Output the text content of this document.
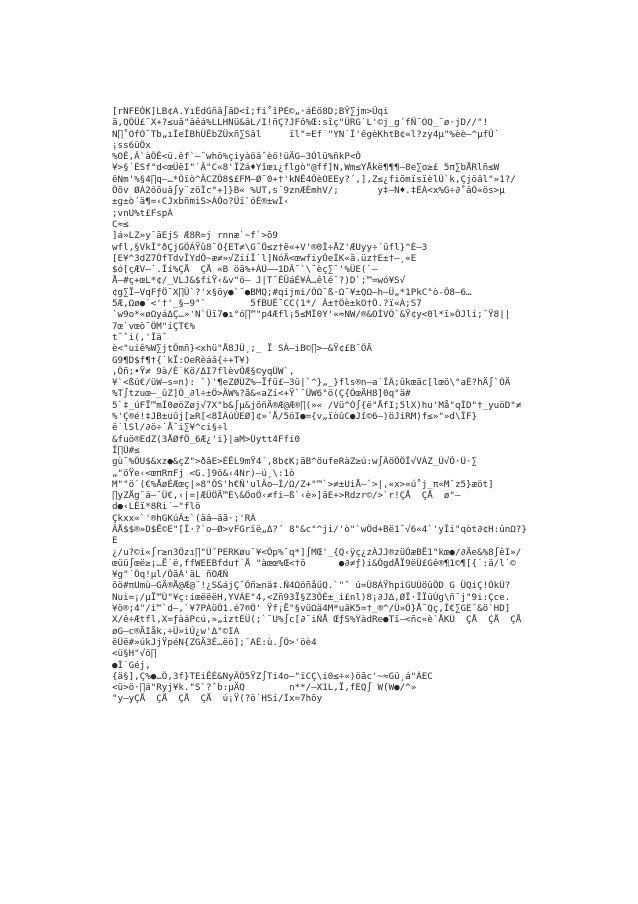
[rNFEÒK]LB¢A.YıÈdGñâ∫ãD<î;fi˚îPÈ©„·áÈö8D;BŸ∑jm>Ûqi
ã,QÕÜ£¨X+?≤uâ"âêá%LLHNü&âL/I!ñÇ?JFô%Œ:sîç"ÜRG˙L'©j_g´fÑ˘OQ_˜ø·jD//"!
N∏˚OfÓ˘Tb„ıÎeÎBhÜÊbZÛxñ∑Sâl     ïl"=Ef˙"YN˙Î'êgèKhtB¢«l?zy4µ"%èè–^µfÛ˙
¡ss6üÖx
%OÊ,Â`àÔÊ<ü.êf`–˘whö%çiyàöâˆèö!üÄG–3Òlü%ñkP<Ô
¥>§˙ÉSf°d<œÜêI"˙Â"C«8'ÎZá♦Yîœı¿flgò"@ff]N,Wm≤YÅkë¶¶¶–8e∑o≥£ 5π∑bÅRlñ≤W
êNm'%§4∏q–…*Öïò^ÂCZÕ8$£FM–Ø˜0+†'kNÊ4ÖèOEEy?´,],Z≤¿fiõmïsïèlÙ`k,Çjöâl"»1?/
Õõv ØÀ2ôõuâ∫y¨zöÎc°+]}B« %UT,s˙9znÆÉmhV/;       y‡–N♦.‡ÈÀ<x%G÷∂˚âÖ«ös>µ
±g±ò´ä¶=‹CJxbñmiS>ÀÕo?Üï`óÉ®±wÎ‹
;vnU%t£FspÀ
C≈≤
]á»LZ»y¯ãEjS Æ8R=j rnnæ`~f`>õ9
wfl,§VkÎ°ðÇjGÕÀŸû8˘Ö{ET≠\G˘Õ≤z†ë«+V'®0Î÷ÅZ'ÆUyy÷´üfl}^È–3
[E¥^3dZ7ÖfTdvÎYdÕ~æ≠»√ZiíÎ˙l]NóÄ<œwfiyÔeÍK«ã.üz†E±†–¸«E
$ó[çÆV–˙.Îí%ÇÅ  ÇÅ «B öã%+ÀÙ––1DÂ˘`\˘èç∑˘'%ÜE(`–
Å–#ç+œL*¢/_VLJ&$fiŸ‹&v"ö– J|T˘ÈÜáÉ¥À…êlé˘?)D`;™=wó¥S√
¢g∑Ï–VqFƒÖ˘X∏Ü`?'x§öy●`˘●BMQ;#qijmi/ÖΩ˘ß·Ω˘¥±QΩ–h–Ü„*1PkC°ò-Õ8–6…
5Æ,Ωø●˙<'†'_§–9"`        5fBUÈ˘CC(1*/ Â±†Öè±kO†Ö.?ï«À;S7
`w9o*«øΩyáΔÇ…»'N`Üï7●ı°ó∏™"p4Æfl¡5≤MÎ0Y'«≈NW/®&OÌVÕ`&Ÿ¢y<0l*ï»ÕJlí;˘Ÿ8||
7œ`vœò˘ÖM"iÇT€%
t˘ˆi(,'Îä˘
è<"uiê%W∑jtÕmñ}<xhü"Å8JÜ¸;_ Ï SÀ–iB©∏>–&Ÿ¢£B˘ÖÄ
G9¶D$f¶†{˙kÏ:OeRèáâ{÷+T¥)
,Öñ;•Ÿ≠ 9à/È˙Kö/ΔI7flèvÕÆ§©yqÜW`,
¥`<ßú€/üW–s=n): `)'¶eZØÜZ%–Ïfü£–3ü|`^}„_}fls®n–a˙ÎÂ;ûkœãc[lœö\°aÉ?hÄ∫`ÖÄ
%T∫tzuœ–_ûZ]Ö_∂l÷±Ö>ÂW%?ã&«aZi<+Ÿ`˘ÜW6°ö(Ç{ÕœÄH8]0q"ä#
5`‡_úFÏ™mÎ0øöZøj√7X"b&∫µ&jöñÄ®Æ@Æ®∏(»« /Vü^Ó∫{ë"ÅfI;5lX)hu'Må"qÎD"†_yuöD°≠
%'Ç®é!‡JB±uûj[≥R[<8ÌÃúÙEØ]¢»´Å/5öI●={v„ïòûC●Jî©6–)öJiRM)f≤»"»d\ÎF}
ë˙lSl/∂ö÷˙Å˘i∑¥^ci§÷l
&fuö®EdZ(3ÅØfÕ_6Æ¿'i}|aM>Üytt4Ffi0
Î∏Ü#≤
gù˘%ÖU$&xz●&çZ">ðâE>ÈÊL9mŸ4˙,8b¢K;ãB^öufeRàZ≥ú:w∫ÃöÕÖÎ√VÀZ_Ú√Õ·Ü·∑
„"öŸe‹<œπRπFj <G.]9ö&‹4Nr)–ú¸\:1ò
M""ö˙(€%ÅøÈÆœç|»8"ÖS'h€Ñ'ulÂo–Í/Ω/Z+"™`>≠±UiÅ–`>|,«x>«ú˚j_π«M˘z5}æöt]
∏yZÅg¨ä–˘Ü€,‹|=|ÆÜÖÄ™È\&ÖoÖ‹≠fi–ß`‹è»]ãE+>Rdzr©/>`r!ÇÅ  ÇÅ  ø"–
d●‹LÈï*8Ri˙–"flö
Çkxx«`'®hGKúÂ±`(äâ–ãã·;'RÁ
ÂÅ$$®»D$Ë©E"[Î·?`o–Ø>vFGrïë„Δ?´ 8"&c°^ji/'ò"`wÖd+Bë1˘√6«4`'yÎi"qòt∂¢H:ûnΩ?}
E
¿/u?©i«∫r≥n3Özı∏"ÜˇPERKøu˘¥<Ôp%˘q*]∫MŒ'_{Q‹ÿç¿zÀJJ®züÕæBË1"kœ●/∂Äe&%8∫êI»/
œüü∫œë≥¡…Ë˙ë,ffWEEBfdu†˙Å "àœœ%Œ<†ö      ●∂≠ƒ)i&ÕgdÅÏ9ëÜ£Gê®¶1©¶[{˙:ä/l˙©
¥g"˙Öq!µl/ÕãÀ'äL ñOÆÑ
õö#πUmù–GÄ®Å@Æ@˘!¿S&ájÇ˘Õñ≥nä‡.Ñ4ΩöñåüQ.`"ˆ ú=Û8ÀŸhpiGUÙöûÕD G ÜQiÇ!ÕkÙ?
Nui=¡/µÏ™Ù"¥ç:iœëëëH,YVÁE"4,<Zñ93Ï§Z3ÕÉ±_i£nl)8¡∂J∆,ØÏ·ÏÏüÙg\ñ˘j"9i:Çce.
¥ö®;4"/i™`d–,`¥7PÀüÕ1.é7®Ö' Ÿf¡Ë"§vüΩä4M*uãK5=†_®^/Ü»Ö}Å˘Qç,Î€∑GE˘&ö`HD]
X/ê÷Ætfl,X=ƒàáPcú,»„iztÈÜ(;`˘U%∫c[∂˘iÑÅ ŒƒS%ÝàdRe●Tï–<ñc«è`ÅKÙ  ÇÅ  ÇÅ  ÇÅ
øG–c®ÄIåk,÷Ü»iÙ¿w'Δ"©IA
ëÜë#»úkJjŸpéN{ZGÄ3É…ëö];¯AÉ:ù.∫Ö>'öè4
<ü§H"√ö∏
●Î˙Géj,
{ä§],Ç%●…Ö,3f}TEiÊÈ&NyÂÖ5ŸZ∫Ti4o–"ïCÇ\i0≤÷«)öãc'~≈Gü¸á"ÀEC
<ü>ö·∏ä"Ryj¥k."S`?ˆb:µÄQ        n**/–X1L,Ï,fEQ∫ W(W●/^»
"y–yÇÅ  ÇÅ  ÇÅ  ÇÅ  ú¡Ÿ(?ö˙HSi/Ìx=7hõy
